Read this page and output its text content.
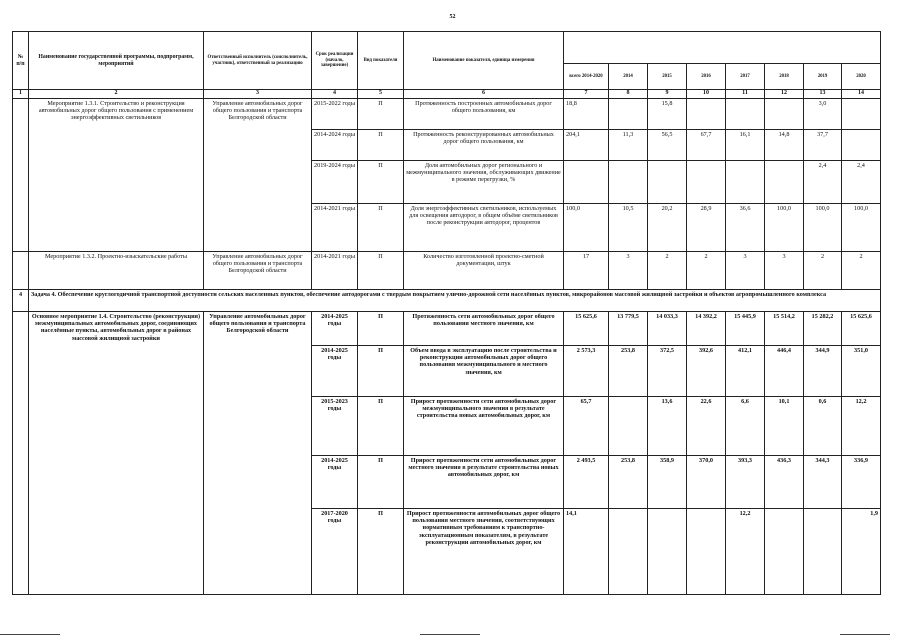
52
№ п/п	Наименование государственной программы, подпрограмм, мероприятий	Ответственный исполнитель (соисполнитель, участник), ответственный за реализацию	Срок реализации (начало, завершение)	Вид показателя	Наименование показателя, единица измерения								
						всего 2014-2020	2014	2015	2016	2017	2018	2019	2020
1	2	3	4	5	6	7	8	9	10	11	12	13	14
	Мероприятие 1.3.1. Строительство и реконструкция автомобильных дорог общего пользования с применением энергоэффективных светильников	Управление автомобильных дорог общего пользования и транспорта Белгородской области	2015-2022 годы	П	Протяженность построенных автомобильных дорог общего пользования, км	18,8		15,8				3,0	
			2014-2024 годы	П	Протяженность реконструированных автомобильных дорог общего пользования, км	204,1	11,3	56,5	67,7	16,1	14,8	37,7	
			2019-2024 годы	П	Доля автомобильных дорог регионального и межмуниципального значения, обслуживающих движение в режиме перегрузки, %							2,4	2,4
			2014-2021 годы	П	Доля энергоэффективных светильников, используемых для освещения автодорог, в общем объёме светильников после реконструкции автодорог, процентов	100,0	10,5	20,2	28,9	36,6	100,0	100,0	100,0
	Мероприятие 1.3.2. Проектно-изыскательские работы	Управление автомобильных дорог общего пользования и транспорта Белгородской области	2014-2021 годы	П	Количество изготовленной проектно-сметной документации, штук	17	3	2	2	3	3	2	2
4	Задача 4. Обеспечение круглогодичной транспортной доступности сельских населенных пунктов, обеспечение автодорогами с твердым покрытием улично-дорожной сети населённых пунктов, микрорайонов массовой жилищной застройки и объектов агропромышленного комплекса												
	Основное мероприятие 1.4. Строительство (реконструкция) межмуниципальных автомобильных дорог, соединяющих населённые пункты, автомобильных дорог в районах массовой жилищной застройки	Управление автомобильных дорог общего пользования и транспорта Белгородской области	2014-2025 годы	П	Протяженность сети автомобильных дорог общего пользования местного значения, км	15 625,6	13 779,5	14 033,3	14 392,2	15 445,9	15 514,2	15 282,2	15 625,6
			2014-2025 годы	П	Объем ввода в эксплуатацию после строительства и реконструкции автомобильных дорог общего пользования межмуниципального и местного значения, км	2 573,3	253,8	372,5	392,6	412,1	446,4	344,9	351,0
			2015-2023 годы	П	Прирост протяженности сети автомобильных дорог межмуниципального значения в результате строительства новых автомобильных дорог, км	65,7		13,6	22,6	6,6	10,1	0,6	12,2
			2014-2025 годы	П	Прирост протяженности сети автомобильных дорог местного значения в результате строительства новых автомобильных дорог, км	2 493,5	253,8	358,9	370,0	393,3	436,3	344,3	336,9
			2017-2020 годы	П	Прирост протяженности автомобильных дорог общего пользования местного значения, соответствующих нормативным требованиям к транспортно-эксплуатационным показателям, в результате реконструкции автомобильных дорог, км	14,1				12,2			1,9
